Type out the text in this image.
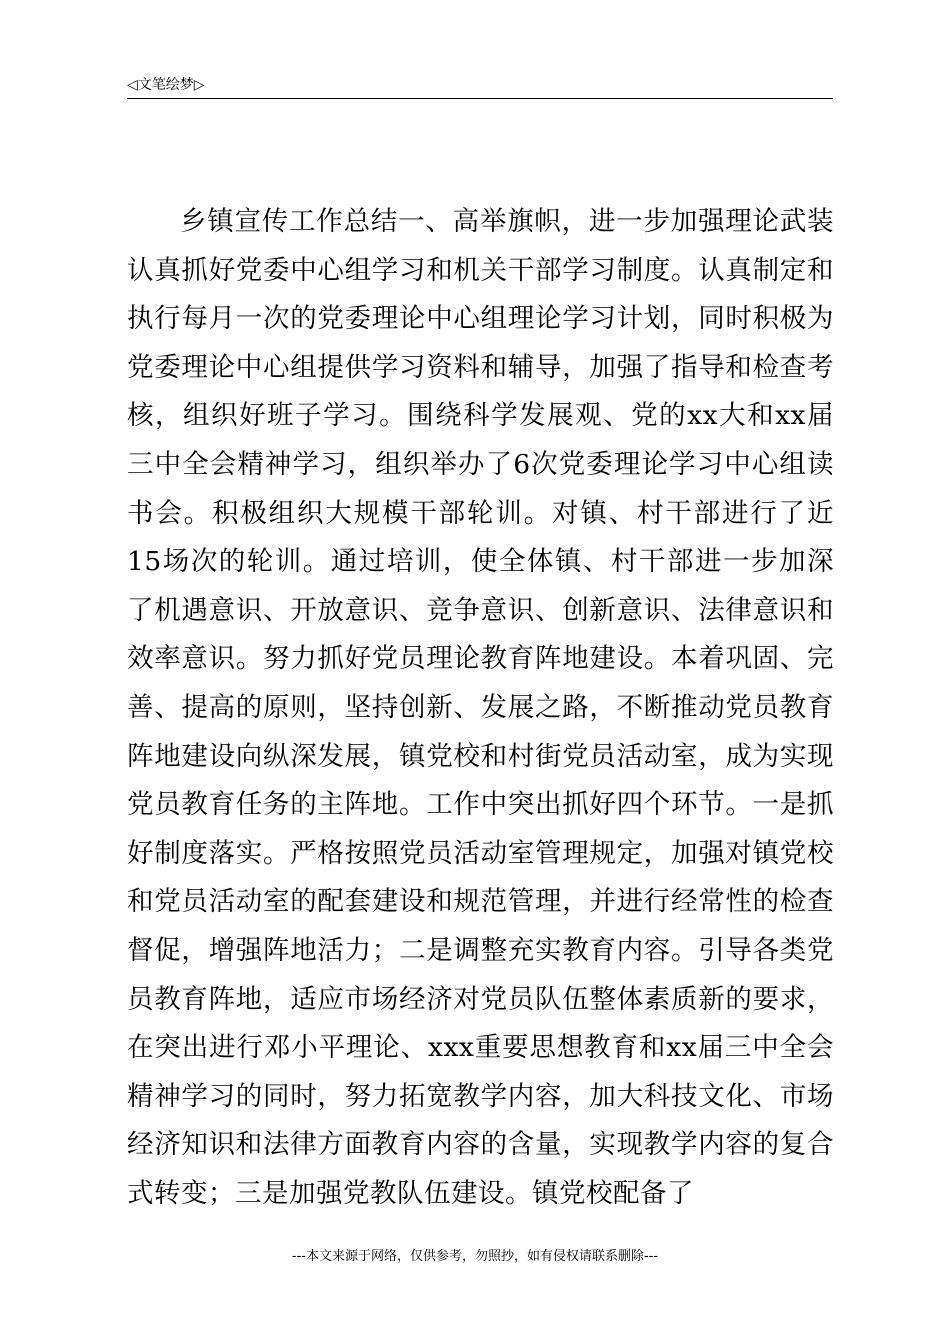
◁文笔绘梦▷

乡镇宣传工作总结一、高举旗帜，进一步加强理论武装认真抓好党委中心组学习和机关干部学习制度。认真制定和执行每月一次的党委理论中心组理论学习计划，同时积极为党委理论中心组提供学习资料和辅导，加强了指导和检查考核，组织好班子学习。围绕科学发展观、党的xx大和xx届三中全会精神学习，组织举办了6次党委理论学习中心组读书会。积极组织大规模干部轮训。对镇、村干部进行了近15场次的轮训。通过培训，使全体镇、村干部进一步加深了机遇意识、开放意识、竞争意识、创新意识、法律意识和效率意识。努力抓好党员理论教育阵地建设。本着巩固、完善、提高的原则，坚持创新、发展之路，不断推动党员教育阵地建设向纵深发展，镇党校和村街党员活动室，成为实现党员教育任务的主阵地。工作中突出抓好四个环节。一是抓好制度落实。严格按照党员活动室管理规定，加强对镇党校和党员活动室的配套建设和规范管理，并进行经常性的检查督促，增强阵地活力；二是调整充实教育内容。引导各类党员教育阵地，适应市场经济对党员队伍整体素质新的要求，在突出进行邓小平理论、xxx重要思想教育和xx届三中全会精神学习的同时，努力拓宽教学内容，加大科技文化、市场经济知识和法律方面教育内容的含量，实现教学内容的复合式转变；三是加强党教队伍建设。镇党校配备了

---本文来源于网络，仅供参考，勿照抄，如有侵权请联系删除---
